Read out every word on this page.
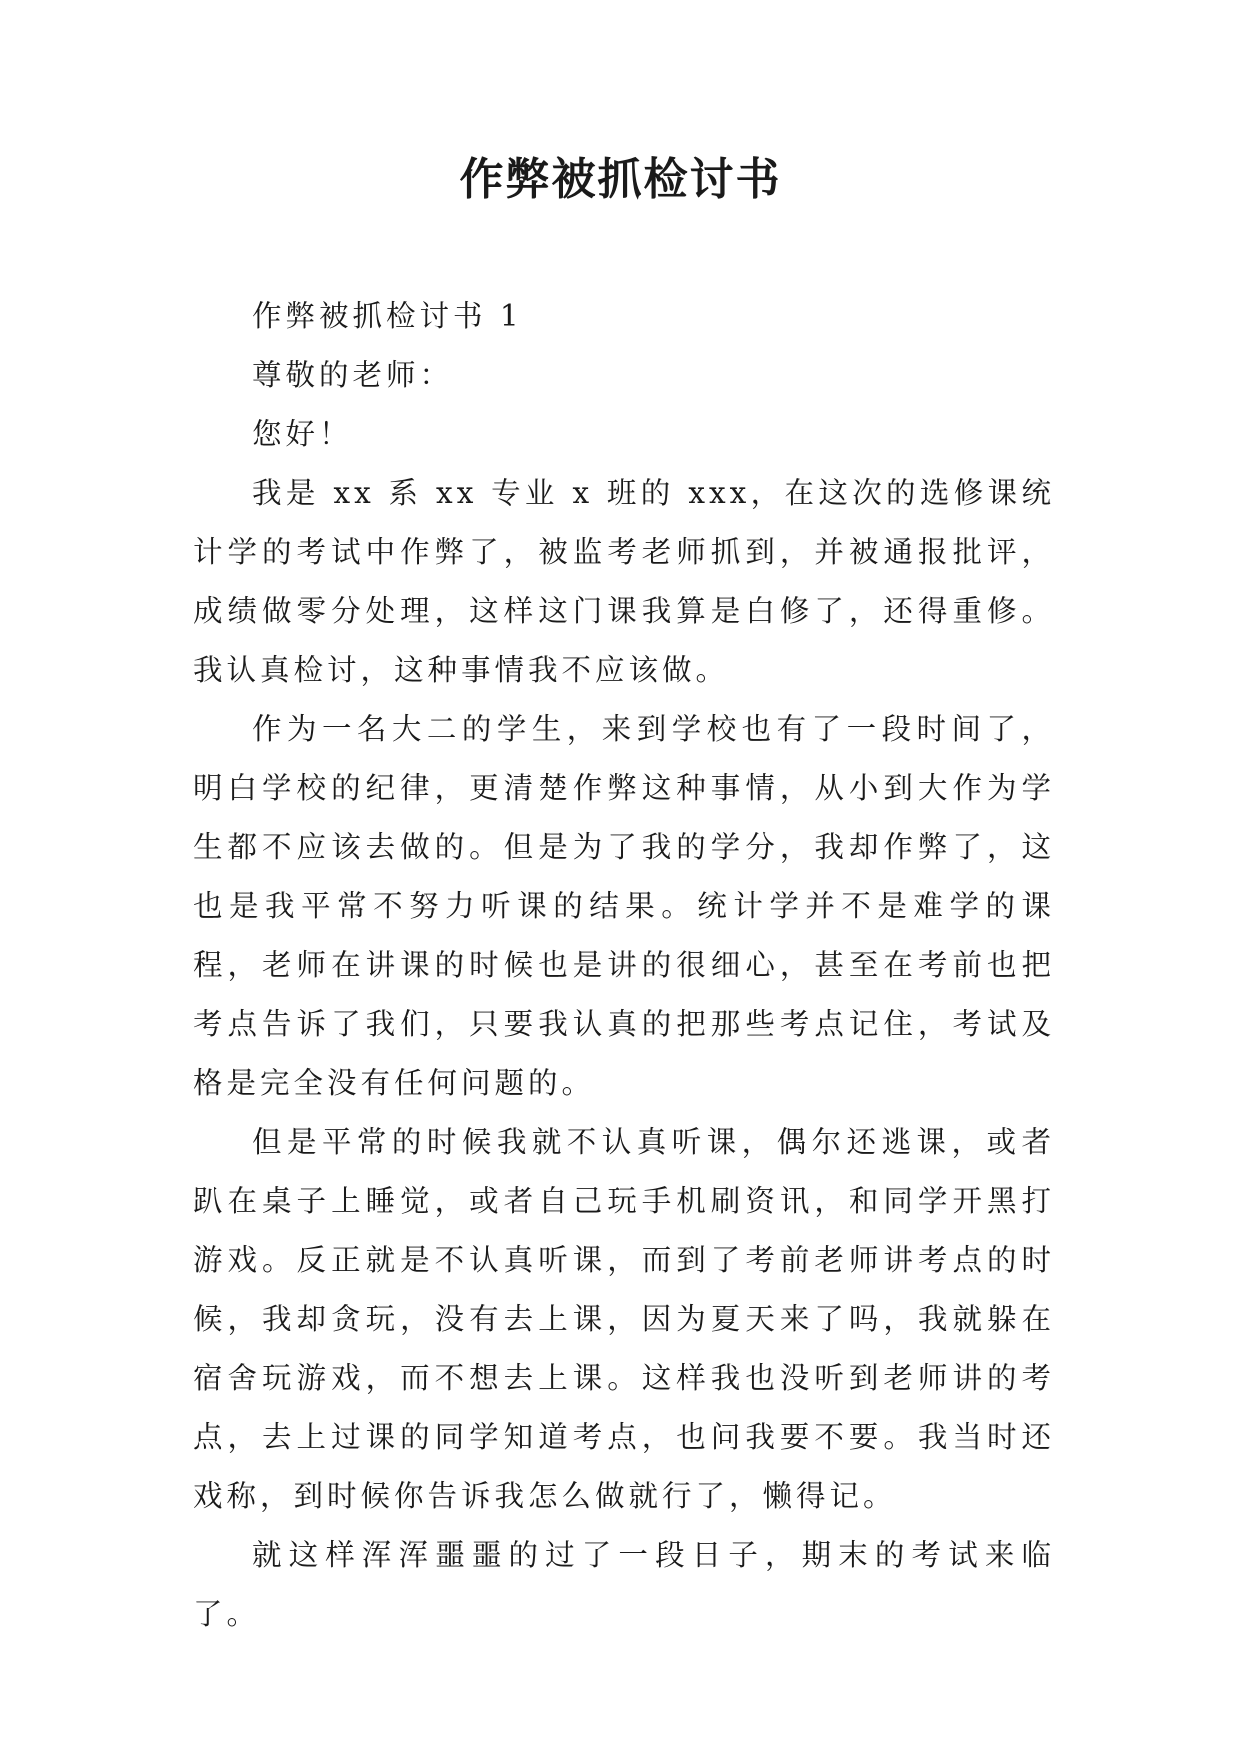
作弊被抓检讨书

作弊被抓检讨书 1

尊敬的老师：

您好！

我是 xx 系 xx 专业 x 班的 xxx，在这次的选修课统计学的考试中作弊了，被监考老师抓到，并被通报批评，成绩做零分处理，这样这门课我算是白修了，还得重修。我认真检讨，这种事情我不应该做。

作为一名大二的学生，来到学校也有了一段时间了，明白学校的纪律，更清楚作弊这种事情，从小到大作为学生都不应该去做的。但是为了我的学分，我却作弊了，这也是我平常不努力听课的结果。统计学并不是难学的课程，老师在讲课的时候也是讲的很细心，甚至在考前也把考点告诉了我们，只要我认真的把那些考点记住，考试及格是完全没有任何问题的。

但是平常的时候我就不认真听课，偶尔还逃课，或者趴在桌子上睡觉，或者自己玩手机刷资讯，和同学开黑打游戏。反正就是不认真听课，而到了考前老师讲考点的时候，我却贪玩，没有去上课，因为夏天来了吗，我就躲在宿舍玩游戏，而不想去上课。这样我也没听到老师讲的考点，去上过课的同学知道考点，也问我要不要。我当时还戏称，到时候你告诉我怎么做就行了，懒得记。

就这样浑浑噩噩的过了一段日子，期末的考试来临了。
